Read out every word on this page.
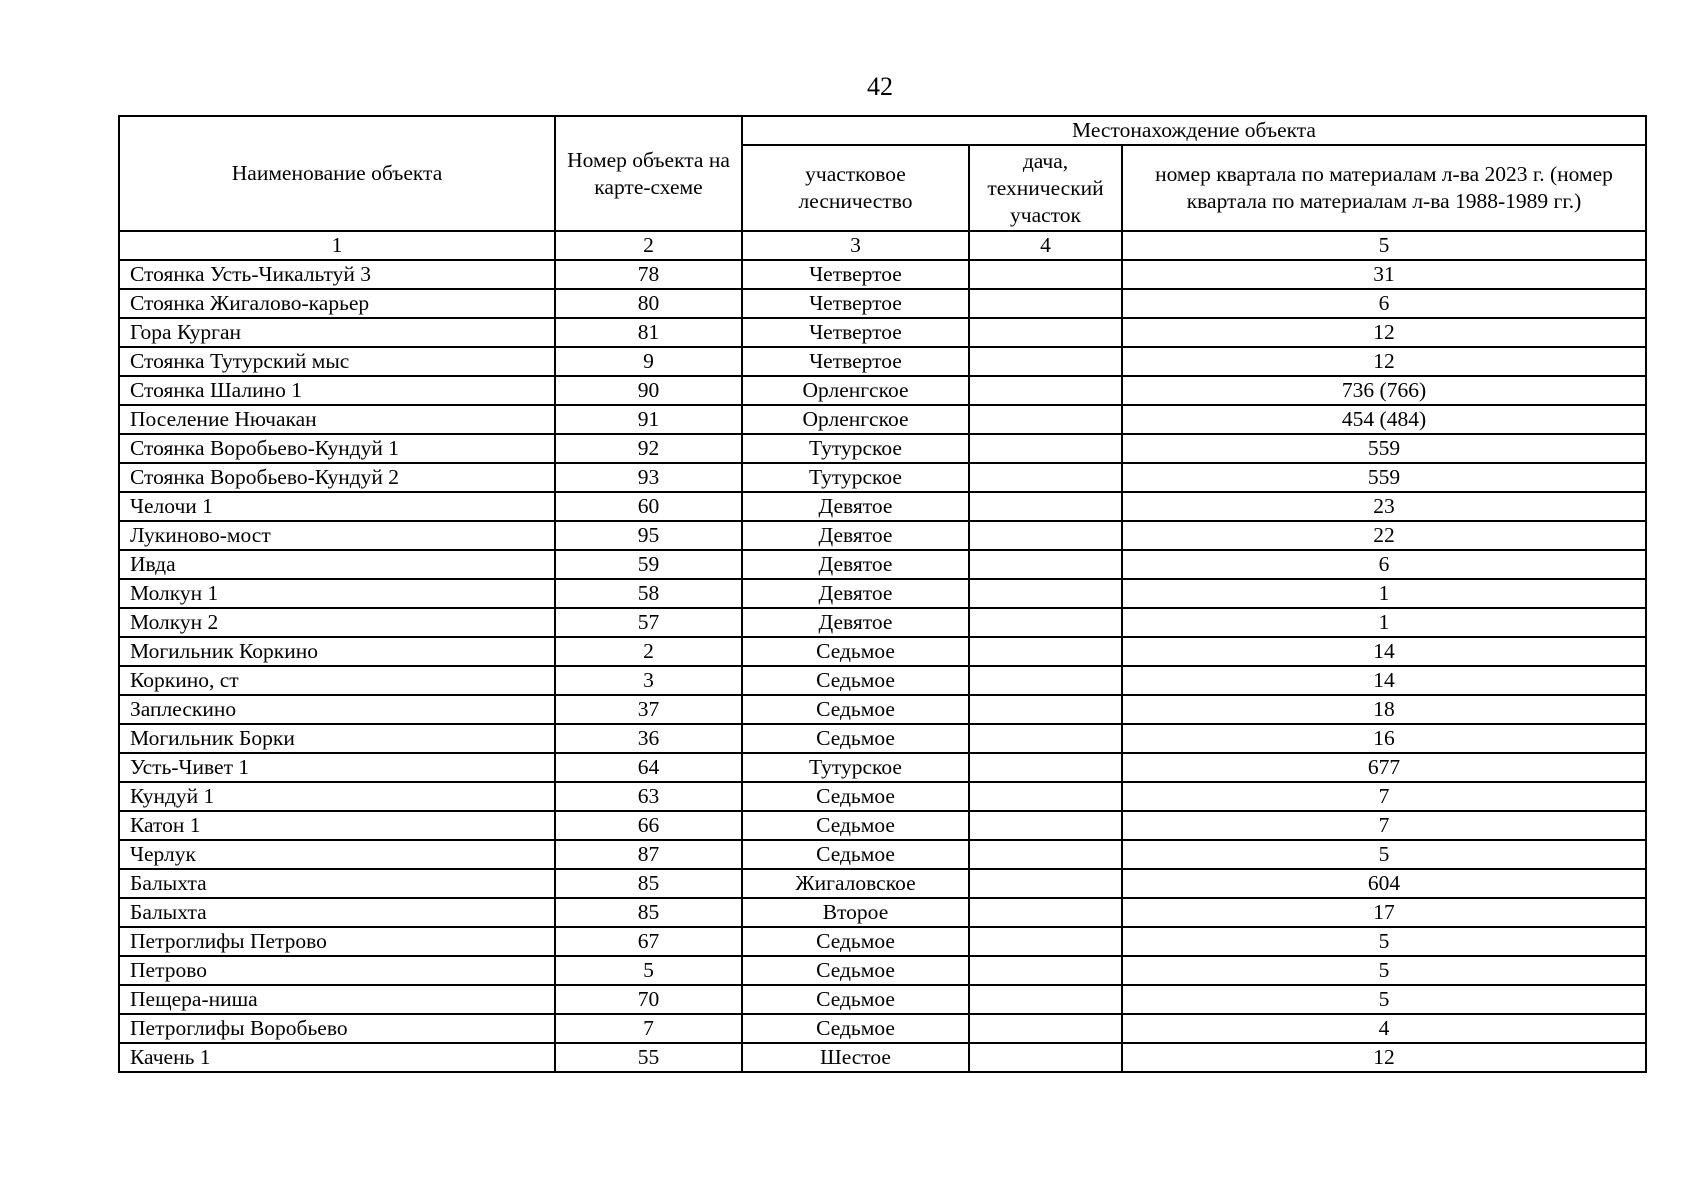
42
Наименование объекта	Номер объекта на карте-схеме	Местонахождение объекта		
		участковое лесничество	дача, технический участок	номер квартала по материалам л-ва 2023 г. (номер квартала по материалам л-ва 1988-1989 гг.)
1	2	3	4	5
Стоянка Усть-Чикальтуй 3	78	Четвертое		31
Стоянка Жигалово-карьер	80	Четвертое		6
Гора Курган	81	Четвертое		12
Стоянка Тутурский мыс	9	Четвертое		12
Стоянка Шалино 1	90	Орленгское		736 (766)
Поселение Нючакан	91	Орленгское		454 (484)
Стоянка Воробьево-Кундуй 1	92	Тутурское		559
Стоянка Воробьево-Кундуй 2	93	Тутурское		559
Челочи 1	60	Девятое		23
Лукиново-мост	95	Девятое		22
Ивда	59	Девятое		6
Молкун 1	58	Девятое		1
Молкун 2	57	Девятое		1
Могильник Коркино	2	Седьмое		14
Коркино, ст	3	Седьмое		14
Заплескино	37	Седьмое		18
Могильник Борки	36	Седьмое		16
Усть-Чивет 1	64	Тутурское		677
Кундуй 1	63	Седьмое		7
Катон 1	66	Седьмое		7
Черлук	87	Седьмое		5
Балыхта	85	Жигаловское		604
Балыхта	85	Второе		17
Петроглифы Петрово	67	Седьмое		5
Петрово	5	Седьмое		5
Пещера-ниша	70	Седьмое		5
Петроглифы Воробьево	7	Седьмое		4
Качень 1	55	Шестое		12
